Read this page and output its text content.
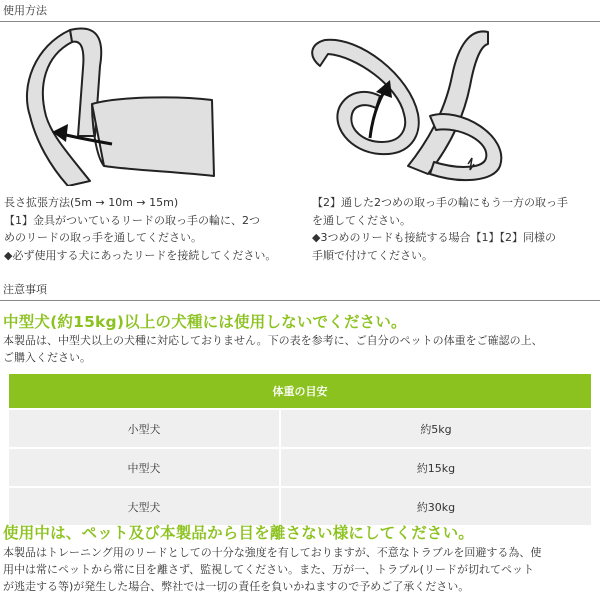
使用方法
長さ拡張方法(5m → 10m → 15m)
【1】金具がついているリードの取っ手の輪に、2つ
めのリードの取っ手を通してください。
◆必ず使用する犬にあったリードを接続してください。
【2】通した2つめの取っ手の輪にもう一方の取っ手
を通してください。
◆3つめのリードも接続する場合【1】【2】同様の
手順で付けてください。
注意事項
中型犬(約15kg)以上の犬種には使用しないでください。
本製品は、中型犬以上の犬種に対応しておりません。下の表を参考に、ご自分のペットの体重をご確認の上、
ご購入ください。
体重の目安	
小型犬	約5kg
中型犬	約15kg
大型犬	約30kg
使用中は、ペット及び本製品から目を離さない様にしてください。
本製品はトレーニング用のリードとしての十分な強度を有しておりますが、不意なトラブルを回避する為、使
用中は常にペットから常に目を離さず、監視してください。また、万が一、トラブル(リードが切れてペット
が逃走する等)が発生した場合、弊社では一切の責任を負いかねますので予めご了承ください。
